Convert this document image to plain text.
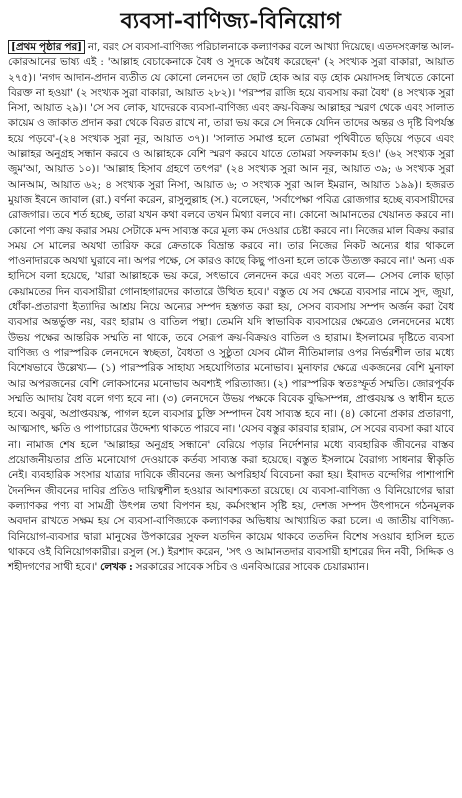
ব্যবসা-বাণিজ্য-বিনিয়োগ

[প্রথম পৃষ্ঠার পর] না, বরং সে ব্যবসা-বাণিজ্য পরিচালনাকে কল্যাণকর বলে আখ্যা দিয়েছে। এতদসংক্রান্ত আল-কোরআনের ভাষ্য এই : 'আল্লাহ বেচাকেনাকে বৈধ ও সুদকে অবৈধ করেছেন' (২ সংখ্যক সুরা বাকারা, আয়াত ২৭৫)। 'নগদ আদান-প্রদান ব্যতীত যে কোনো লেনদেন তা ছোট হোক আর বড় হোক মেয়াদসহ লিখতে কোনো বিরক্ত না হওয়া' (২ সংখ্যক সুরা বাকারা, আয়াত ২৮২)। 'পরস্পর রাজি হয়ে ব্যবসায় করা বৈধ' (৪ সংখ্যক সুরা নিসা, আয়াত ২৯)। 'সে সব লোক, যাদেরকে ব্যবসা-বাণিজ্য এবং ক্রয়-বিক্রয় আল্লাহর স্মরণ থেকে এবং সালাত কায়েম ও জাকাত প্রদান করা থেকে বিরত রাখে না, তারা ভয় করে সে দিনকে যেদিন তাদের অন্তর ও দৃষ্টি বিপর্যস্ত হয়ে পড়বে'-(২৪ সংখ্যক সুরা নূর, আয়াত ৩৭)। 'সালাত সমাপ্ত হলে তোমরা পৃথিবীতে ছড়িয়ে পড়বে এবং আল্লাহর অনুগ্রহ সন্ধান করবে ও আল্লাহকে বেশি স্মরণ করবে যাতে তোমরা সফলকাম হও।' (৬২ সংখ্যক সুরা জুম'আ, আয়াত ১০)। 'আল্লাহ হিসাব গ্রহণে তৎপর' (২৪ সংখ্যক সুরা আন নূর, আয়াত ৩৯; ৬ সংখ্যক সুরা আনআম, আয়াত ৬২; ৪ সংখ্যক সুরা নিসা, আয়াত ৬; ৩ সংখ্যক সুরা আল ইমরান, আয়াত ১৯৯)। হজরত মুয়াজ ইবনে জাবাল (রা.) বর্ণনা করেন, রাসুলুল্লাহ (স.) বলেছেন, 'সর্বাপেক্ষা পবিত্র রোজগার হচ্ছে ব্যবসায়ীদের রোজগার। তবে শর্ত হচ্ছে, তারা যখন কথা বলবে তখন মিথ্যা বলবে না। কোনো আমানতের খেয়ানত করবে না। কোনো পণ্য ক্রয় করার সময় সেটাকে মন্দ সাব্যস্ত করে মূল্য কম দেওয়ার চেষ্টা করবে না। নিজের মাল বিক্রয় করার সময় সে মালের অযথা তারিফ করে ক্রেতাকে বিভ্রান্ত করবে না। তার নিজের নিকট অন্যের ধার থাকলে পাওনাদারকে অযথা ঘুরাবে না। অপর পক্ষে, সে কারও কাছে কিছু পাওনা হলে তাকে উত্যক্ত করবে না।' অন্য এক হাদিসে বলা হয়েছে, 'যারা আল্লাহকে ভয় করে, সৎভাবে লেনদেন করে এবং সত্য বলে— সেসব লোক ছাড়া কেয়ামতের দিন ব্যবসায়ীরা গোনাহগারদের কাতারে উত্থিত হবে।' বস্তুত যে সব ক্ষেত্রে ব্যবসার নামে সুদ, জুয়া, ধোঁকা-প্রতারণা ইত্যাদির আশ্রয় নিয়ে অন্যের সম্পদ হস্তগত করা হয়, সেসব ব্যবসায় সম্পদ অর্জন করা বৈধ ব্যবসার অন্তর্ভুক্ত নয়, বরং হারাম ও বাতিল পন্থা। তেমনি যদি স্বাভাবিক ব্যবসায়ের ক্ষেত্রেও লেনদেনের মধ্যে উভয় পক্ষের আন্তরিক সম্মতি না থাকে, তবে সেরূপ ক্রয়-বিক্রয়ও বাতিল ও হারাম। ইসলামের দৃষ্টিতে ব্যবসা বাণিজ্য ও পারস্পরিক লেনদেনে স্বচ্ছতা, বৈধতা ও সুষ্ঠুতা যেসব মৌল নীতিমালার ওপর নির্ভরশীল তার মধ্যে বিশেষভাবে উল্লেখ্য— (১) পারস্পরিক সাহায্য সহযোগিতার মনোভাব। মুনাফার ক্ষেত্রে একজনের বেশি মুনাফা আর অপরজনের বেশি লোকসানের মনোভাব অবশ্যই পরিত্যাজ্য। (২) পারস্পরিক স্বতঃস্ফূর্ত সম্মতি। জোরপূর্বক সম্মতি আদায় বৈধ বলে গণ্য হবে না। (৩) লেনদেনে উভয় পক্ষকে বিবেক বুদ্ধিসম্পন্ন, প্রাপ্তবয়স্ক ও স্বাধীন হতে হবে। অবুঝ, অপ্রাপ্তবয়স্ক, পাগল হলে ব্যবসার চুক্তি সম্পাদন বৈধ সাব্যস্ত হবে না। (৪) কোনো প্রকার প্রতারণা, আত্মসাৎ, ক্ষতি ও পাপাচারের উদ্দেশ্য থাকতে পারবে না। 'যেসব বস্তুর কারবার হারাম, সে সবের ব্যবসা করা যাবে না। নামাজ শেষ হলে 'আল্লাহর অনুগ্রহ সন্ধানে' বেরিয়ে পড়ার নির্দেশনার মধ্যে ব্যবহারিক জীবনের বাস্তব প্রয়োজনীয়তার প্রতি মনোযোগ দেওয়াকে কর্তব্য সাব্যস্ত করা হয়েছে। বস্তুত ইসলামে বৈরাগ্য সাধনার স্বীকৃতি নেই। ব্যবহারিক সংসার যাত্রার দাবিকে জীবনের জন্য অপরিহার্য বিবেচনা করা হয়। ইবাদত বন্দেগির পাশাপাশি দৈনন্দিন জীবনের দাবির প্রতিও দায়িত্বশীল হওয়ার আবশ্যকতা রয়েছে। যে ব্যবসা-বাণিজ্য ও বিনিয়োগের দ্বারা কল্যাণকর পণ্য বা সামগ্রী উৎপন্ন তথা বিপণন হয়, কর্মসংস্থান সৃষ্টি হয়, দেশজ সম্পদ উৎপাদনে গঠনমূলক অবদান রাখতে সক্ষম হয় সে ব্যবসা-বাণিজ্যকে কল্যাণকর অভিধায় আখ্যায়িত করা চলে। এ জাতীয় বাণিজ্য-বিনিয়োগ-ব্যবসার দ্বারা মানুষের উপকারের সুফল যতদিন কায়েম থাকবে ততদিন বিশেষ সওয়াব হাসিল হতে থাকবে ওই বিনিয়োগকারীর। রসুল (স.) ইরশাদ করেন, 'সৎ ও আমানতদার ব্যবসায়ী হাশরের দিন নবী, সিদ্দিক ও শহীদগণের সাথী হবে।' লেখক : সরকারের সাবেক সচিব ও এনবিআরের সাবেক চেয়ারম্যান।
